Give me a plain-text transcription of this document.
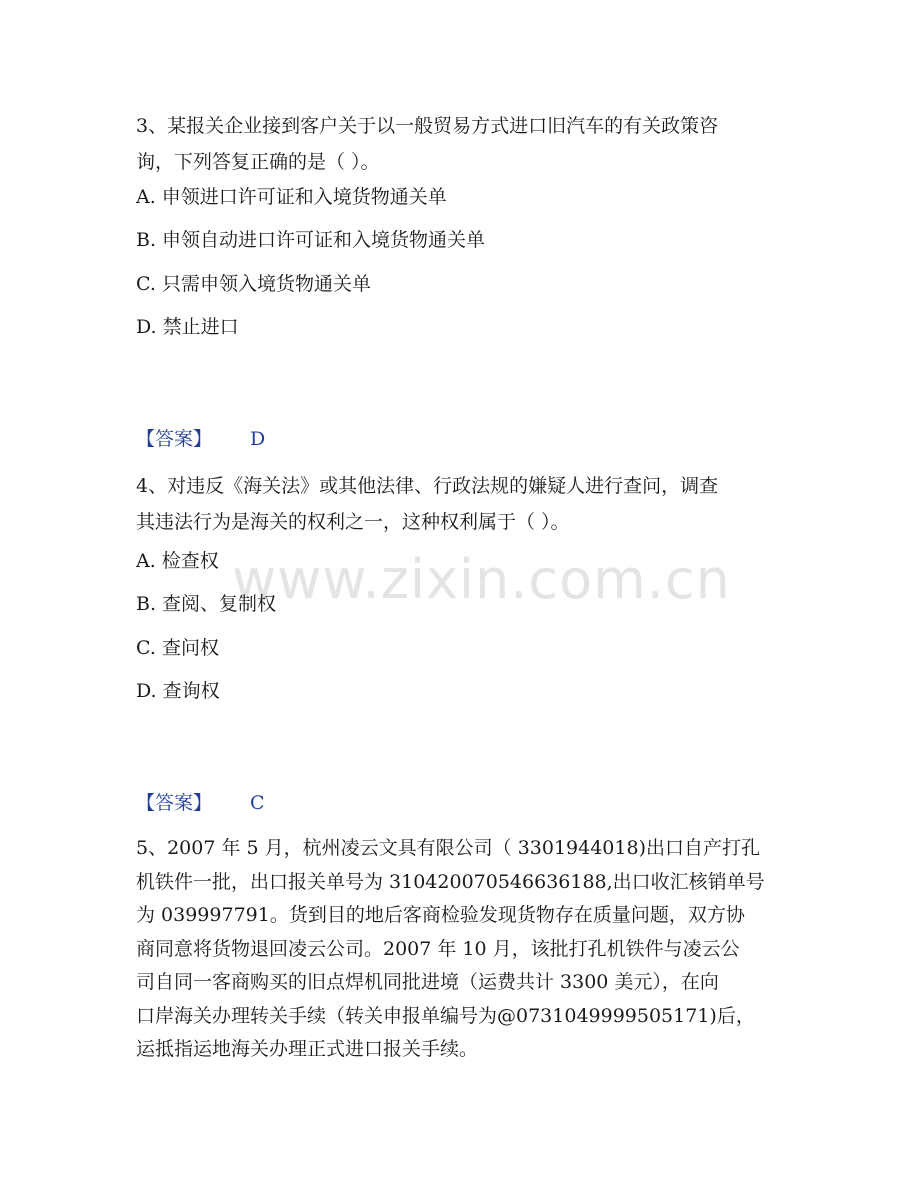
www.zixin.com.cn
3、某报关企业接到客户关于以一般贸易方式进口旧汽车的有关政策咨
询，下列答复正确的是（ ）。
A. 申领进口许可证和入境货物通关单
B. 申领自动进口许可证和入境货物通关单
C. 只需申领入境货物通关单
D. 禁止进口
【答案】 D
4、对违反《海关法》或其他法律、行政法规的嫌疑人进行查问，调查
其违法行为是海关的权利之一，这种权利属于（ ）。
A. 检查权
B. 查阅、复制权
C. 查问权
D. 查询权
【答案】 C
5、2007 年 5 月，杭州凌云文具有限公司（ 3301944018)出口自产打孔
机铁件一批，出口报关单号为 310420070546636188,出口收汇核销单号
为 039997791。货到目的地后客商检验发现货物存在质量问题，双方协
商同意将货物退回凌云公司。2007 年 10 月，该批打孔机铁件与凌云公
司自同一客商购买的旧点焊机同批进境（运费共计 3300 美元），在向
口岸海关办理转关手续（转关申报单编号为@0731049999505171)后，
运抵指运地海关办理正式进口报关手续。
